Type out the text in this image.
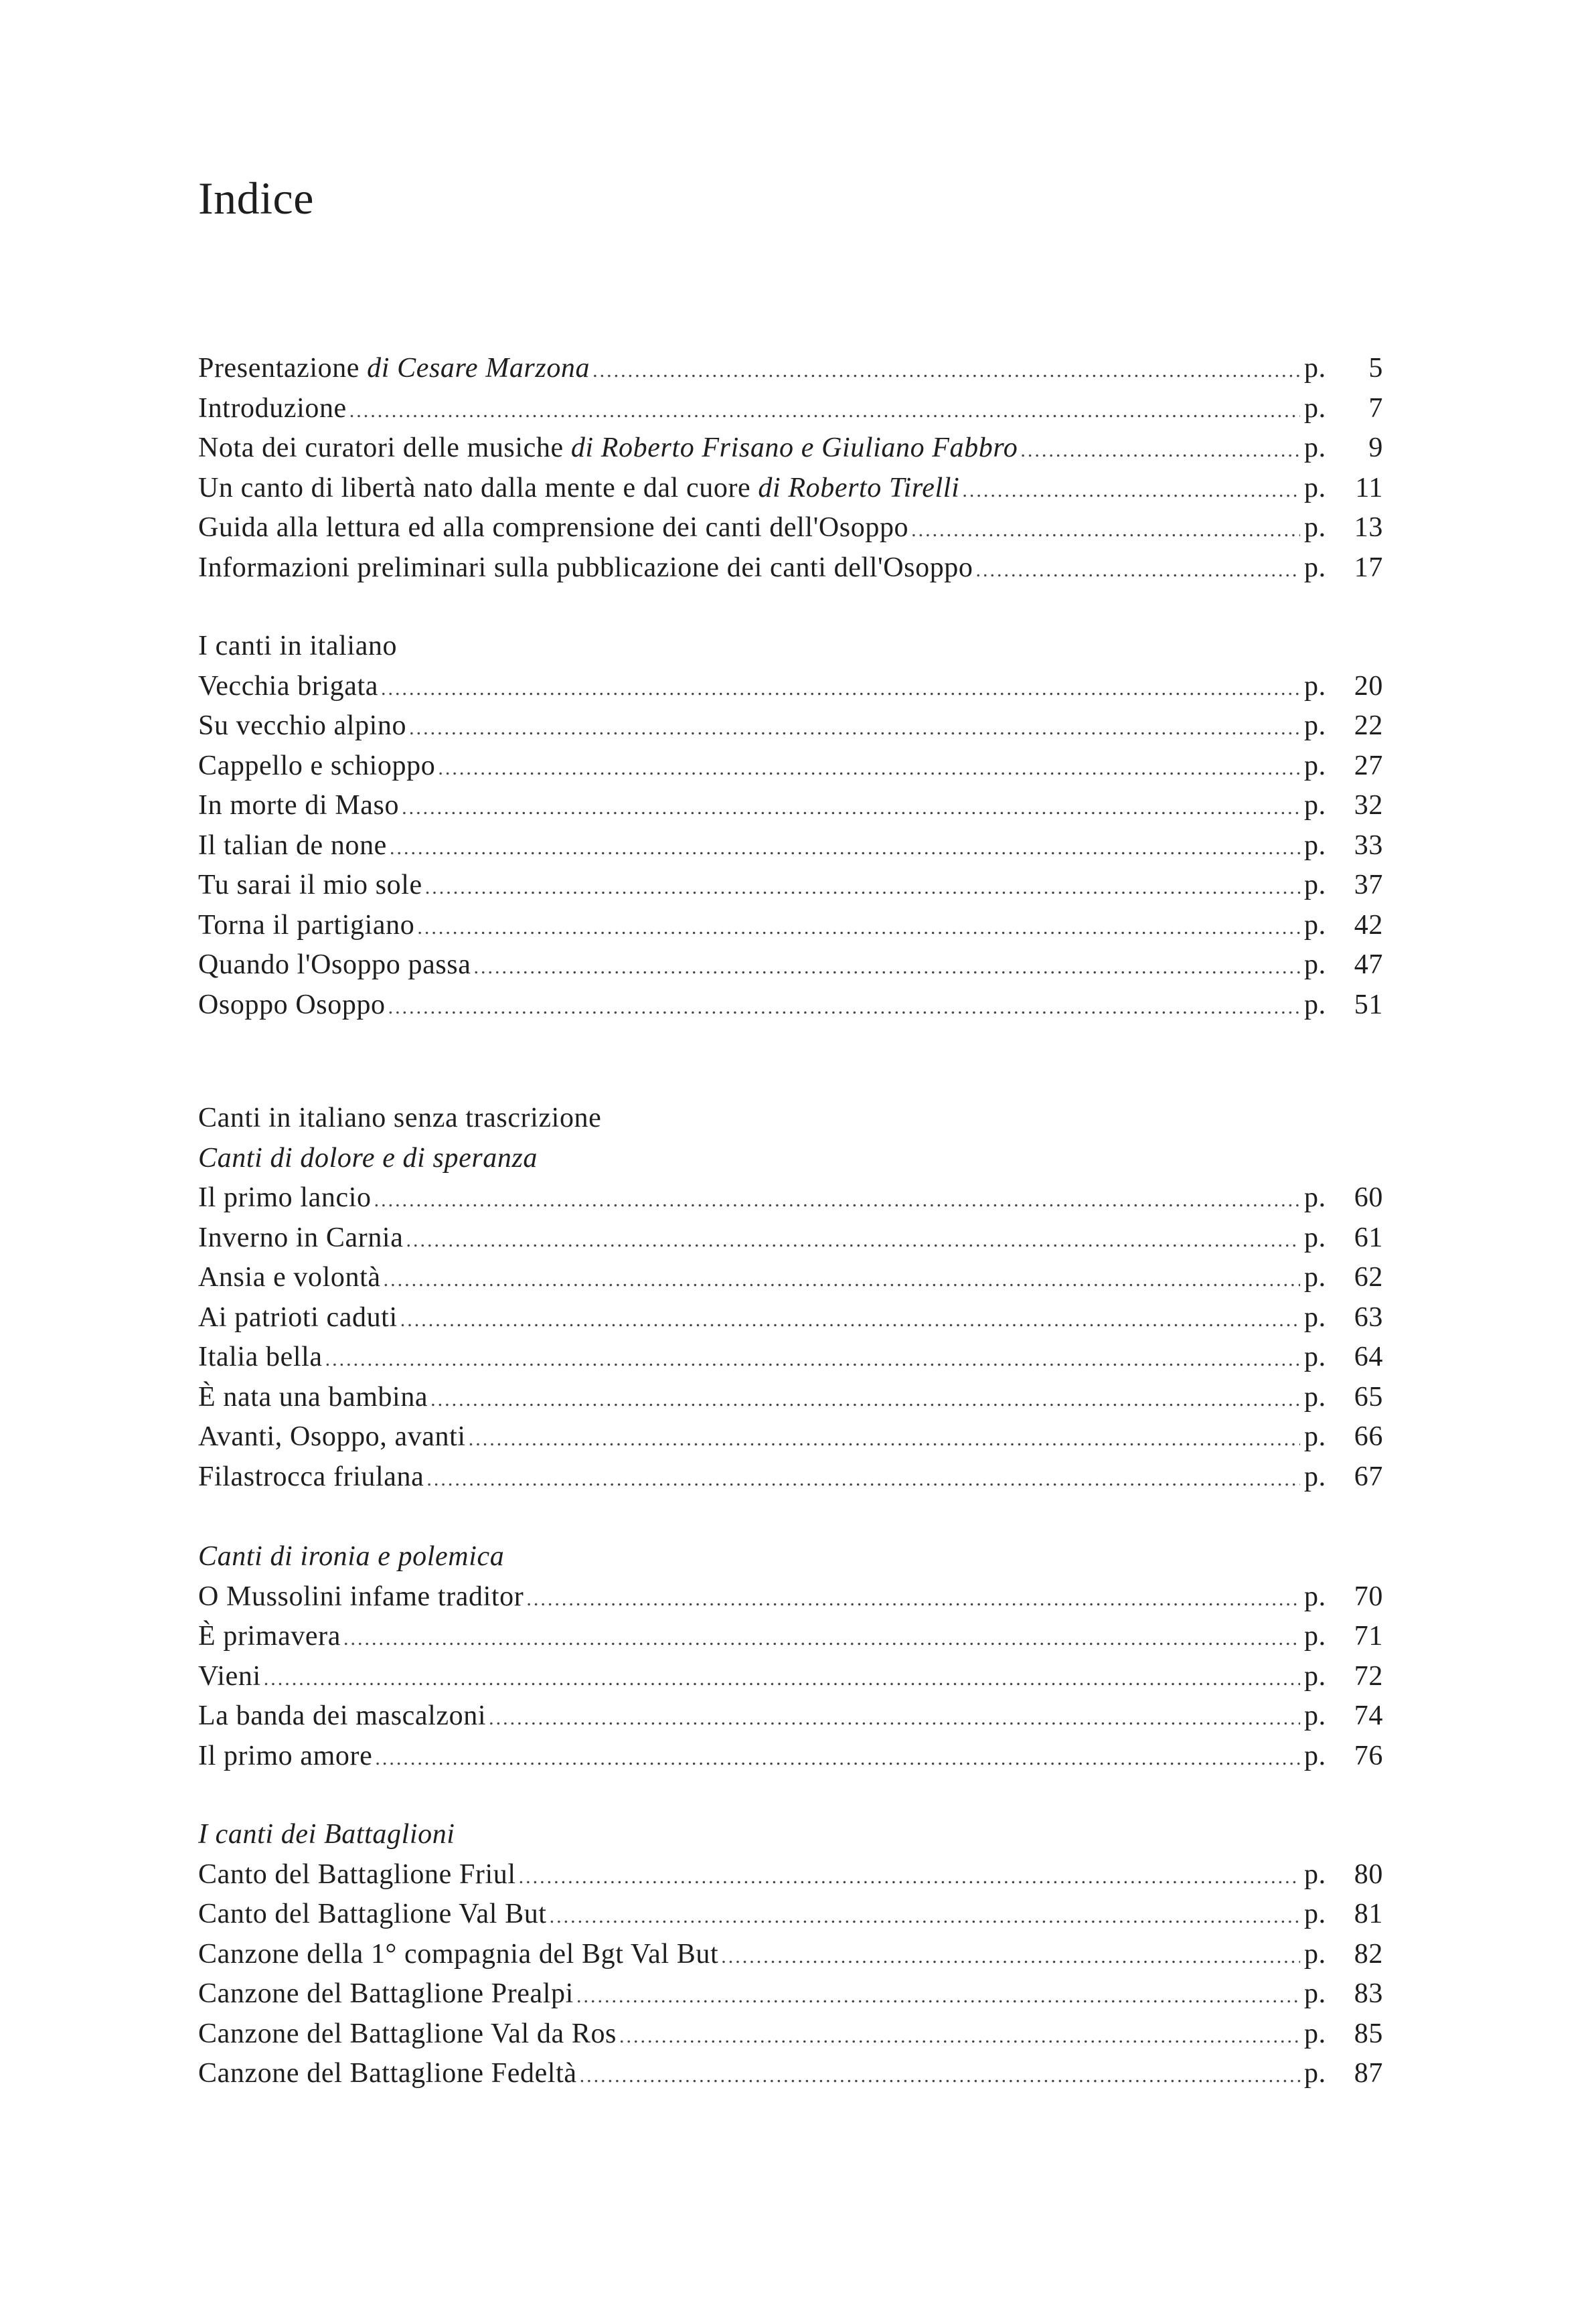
Indice
Presentazione di Cesare Marzona .....	p.	5
Introduzione .....	p.	7
Nota dei curatori delle musiche di Roberto Frisano e Giuliano Fabbro .....	p.	9
Un canto di libertà nato dalla mente e dal cuore di Roberto Tirelli .....	p. 11
Guida alla lettura ed alla comprensione dei canti dell'Osoppo .....	p. 13
Informazioni preliminari sulla pubblicazione dei canti dell'Osoppo .....	p. 17
I canti in italiano
Vecchia brigata .....	p. 20
Su vecchio alpino .....	p. 22
Cappello e schioppo .....	p. 27
In morte di Maso .....	p. 32
Il talian de none .....	p. 33
Tu sarai il mio sole .....	p. 37
Torna il partigiano .....	p. 42
Quando l'Osoppo passa .....	p. 47
Osoppo Osoppo .....	p. 51
Canti in italiano senza trascrizione
Canti di dolore e di speranza
Il primo lancio .....	p. 60
Inverno in Carnia .....	p. 61
Ansia e volontà .....	p. 62
Ai patrioti caduti .....	p. 63
Italia bella .....	p. 64
È nata una bambina .....	p. 65
Avanti, Osoppo, avanti .....	p. 66
Filastrocca friulana .....	p. 67
Canti di ironia e polemica
O Mussolini infame traditor .....	p. 70
È primavera .....	p. 71
Vieni .....	p. 72
La banda dei mascalzoni .....	p. 74
Il primo amore .....	p. 76
I canti dei Battaglioni
Canto del Battaglione Friul .....	p. 80
Canto del Battaglione Val But .....	p. 81
Canzone della 1° compagnia del Bgt Val But .....	p. 82
Canzone del Battaglione Prealpi .....	p. 83
Canzone del Battaglione Val da Ros .....	p. 85
Canzone del Battaglione Fedeltà .....	p. 87
